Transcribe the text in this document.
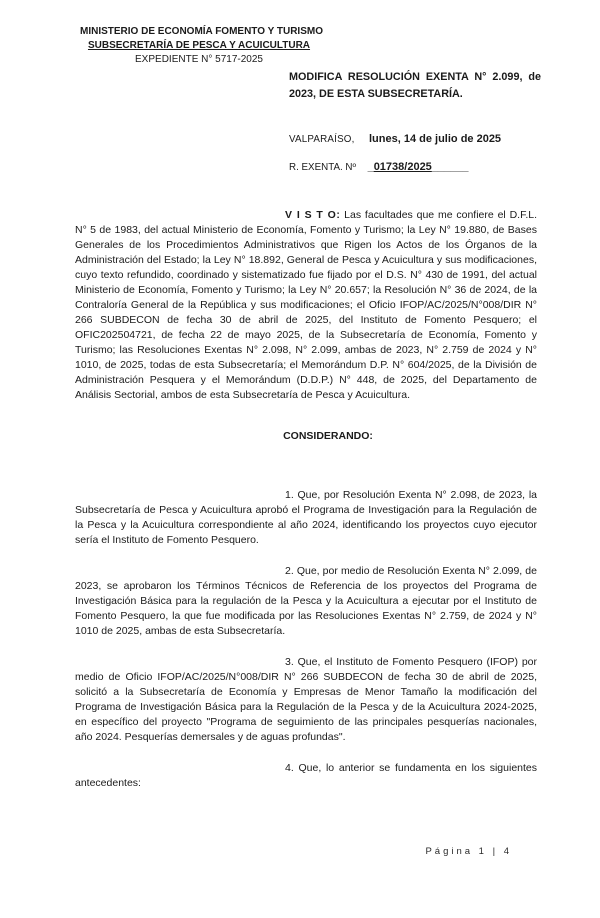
MINISTERIO DE ECONOMÍA FOMENTO Y TURISMO
SUBSECRETARÍA DE PESCA Y ACUICULTURA
EXPEDIENTE N° 5717-2025
MODIFICA RESOLUCIÓN EXENTA N° 2.099, de 2023, DE ESTA SUBSECRETARÍA.
VALPARAÍSO, lunes, 14 de julio de 2025
R. EXENTA. Nº _01738/2025______

V I S T O: Las facultades que me confiere el D.F.L. N° 5 de 1983, del actual Ministerio de Economía, Fomento y Turismo; la Ley N° 19.880, de Bases Generales de los Procedimientos Administrativos que Rigen los Actos de los Órganos de la Administración del Estado; la Ley N° 18.892, General de Pesca y Acuicultura y sus modificaciones, cuyo texto refundido, coordinado y sistematizado fue fijado por el D.S. N° 430 de 1991, del actual Ministerio de Economía, Fomento y Turismo; la Ley N° 20.657; la Resolución N° 36 de 2024, de la Contraloría General de la República y sus modificaciones; el Oficio IFOP/AC/2025/N°008/DIR N° 266 SUBDECON de fecha 30 de abril de 2025, del Instituto de Fomento Pesquero; el OFIC202504721, de fecha 22 de mayo 2025, de la Subsecretaría de Economía, Fomento y Turismo; las Resoluciones Exentas N° 2.098, N° 2.099, ambas de 2023, N° 2.759 de 2024 y N° 1010, de 2025, todas de esta Subsecretaría; el Memorándum D.P. N° 604/2025, de la División de Administración Pesquera y el Memorándum (D.D.P.) N° 448, de 2025, del Departamento de Análisis Sectorial, ambos de esta Subsecretaría de Pesca y Acuicultura.

CONSIDERANDO:

1. Que, por Resolución Exenta N° 2.098, de 2023, la Subsecretaría de Pesca y Acuicultura aprobó el Programa de Investigación para la Regulación de la Pesca y la Acuicultura correspondiente al año 2024, identificando los proyectos cuyo ejecutor sería el Instituto de Fomento Pesquero.

2. Que, por medio de Resolución Exenta N° 2.099, de 2023, se aprobaron los Términos Técnicos de Referencia de los proyectos del Programa de Investigación Básica para la regulación de la Pesca y la Acuicultura a ejecutar por el Instituto de Fomento Pesquero, la que fue modificada por las Resoluciones Exentas N° 2.759, de 2024 y N° 1010 de 2025, ambas de esta Subsecretaría.

3. Que, el Instituto de Fomento Pesquero (IFOP) por medio de Oficio IFOP/AC/2025/N°008/DIR N° 266 SUBDECON de fecha 30 de abril de 2025, solicitó a la Subsecretaría de Economía y Empresas de Menor Tamaño la modificación del Programa de Investigación Básica para la Regulación de la Pesca y de la Acuicultura 2024-2025, en específico del proyecto "Programa de seguimiento de las principales pesquerías nacionales, año 2024. Pesquerías demersales y de aguas profundas".

4. Que, lo anterior se fundamenta en los siguientes antecedentes:

Página 1 | 4
